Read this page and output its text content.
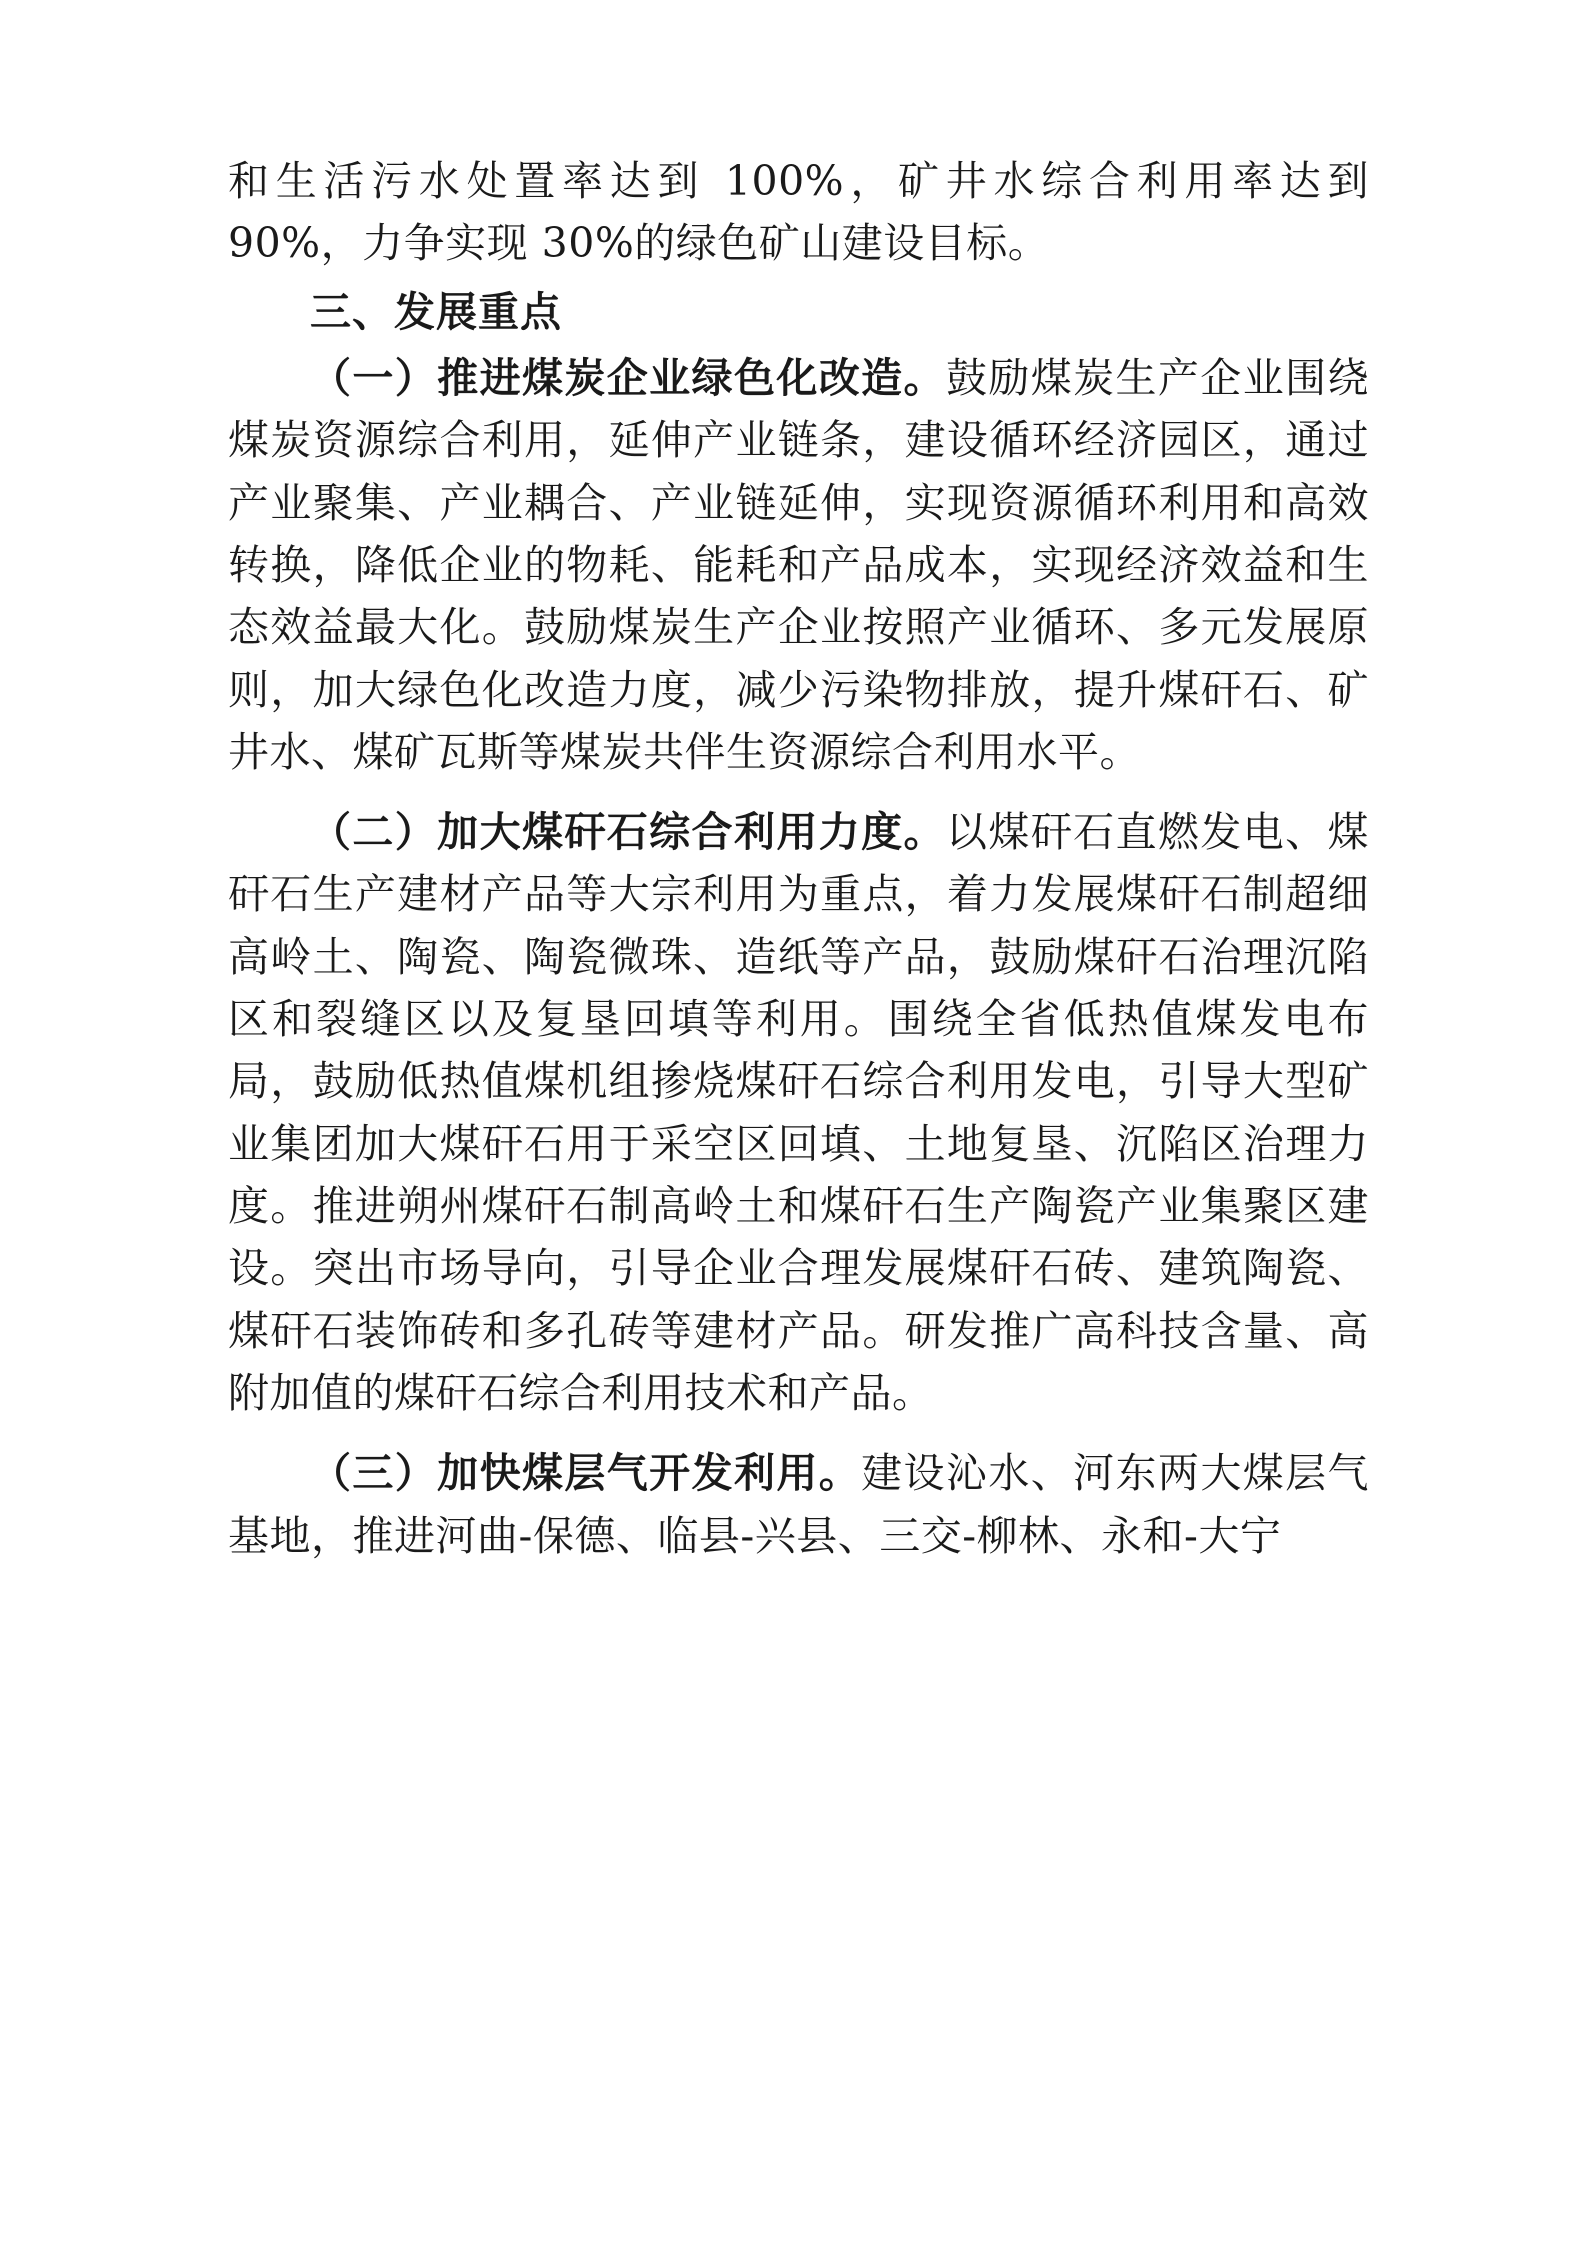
和生活污水处置率达到 100%，矿井水综合利用率达到 90%，力争实现 30%的绿色矿山建设目标。

三、发展重点

（一）推进煤炭企业绿色化改造。鼓励煤炭生产企业围绕煤炭资源综合利用，延伸产业链条，建设循环经济园区，通过产业聚集、产业耦合、产业链延伸，实现资源循环利用和高效转换，降低企业的物耗、能耗和产品成本，实现经济效益和生态效益最大化。鼓励煤炭生产企业按照产业循环、多元发展原则，加大绿色化改造力度，减少污染物排放，提升煤矸石、矿井水、煤矿瓦斯等煤炭共伴生资源综合利用水平。

（二）加大煤矸石综合利用力度。以煤矸石直燃发电、煤矸石生产建材产品等大宗利用为重点，着力发展煤矸石制超细高岭土、陶瓷、陶瓷微珠、造纸等产品，鼓励煤矸石治理沉陷区和裂缝区以及复垦回填等利用。围绕全省低热值煤发电布局，鼓励低热值煤机组掺烧煤矸石综合利用发电，引导大型矿业集团加大煤矸石用于采空区回填、土地复垦、沉陷区治理力度。推进朔州煤矸石制高岭土和煤矸石生产陶瓷产业集聚区建设。突出市场导向，引导企业合理发展煤矸石砖、建筑陶瓷、煤矸石装饰砖和多孔砖等建材产品。研发推广高科技含量、高附加值的煤矸石综合利用技术和产品。

（三）加快煤层气开发利用。建设沁水、河东两大煤层气基地，推进河曲-保德、临县-兴县、三交-柳林、永和-大宁
